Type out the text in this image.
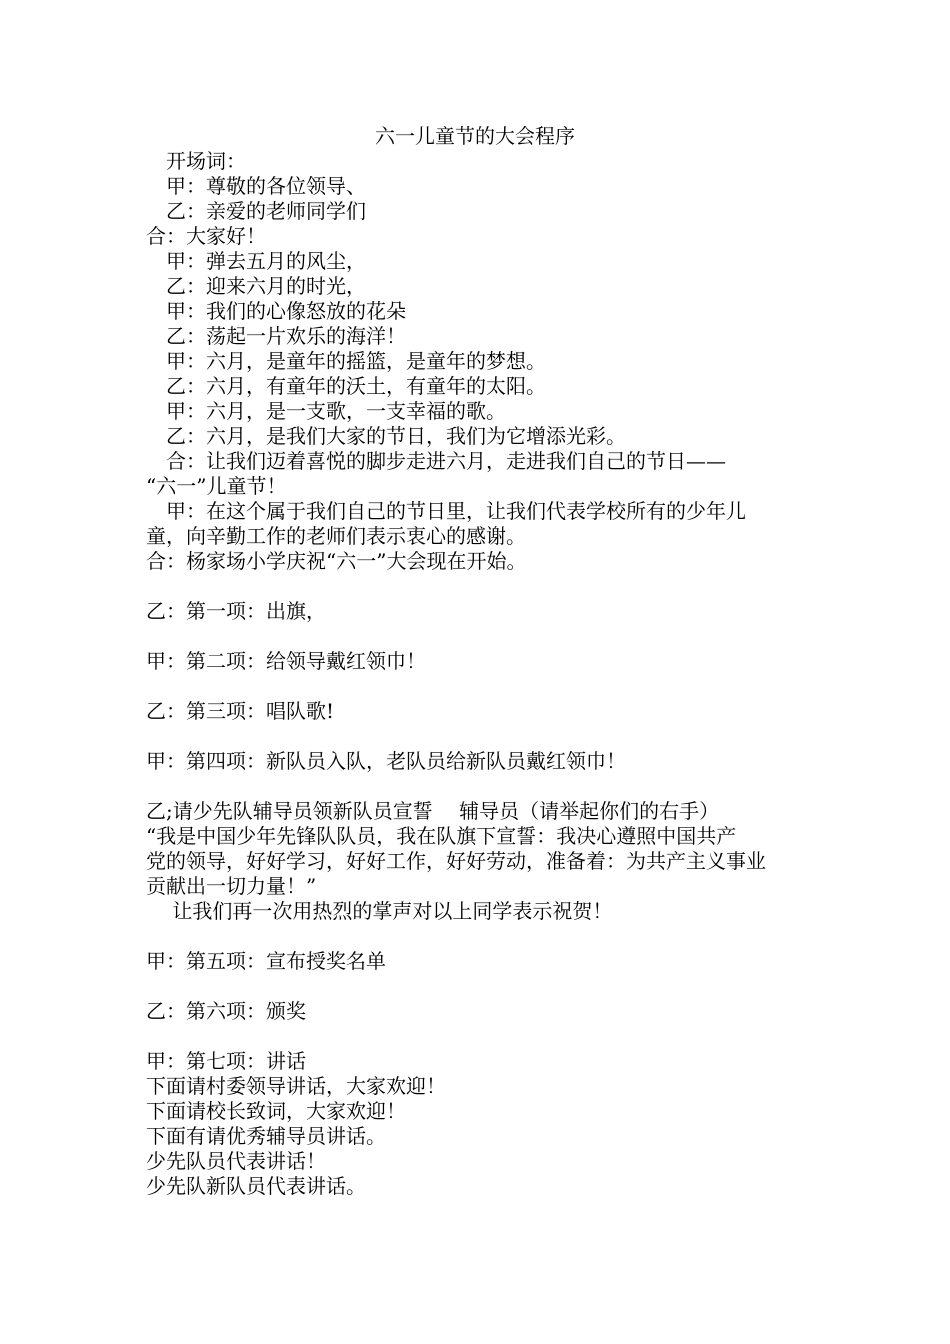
六一儿童节的大会程序
　开场词：
　甲：尊敬的各位领导、
　乙：亲爱的老师同学们
合：大家好！
　甲：弹去五月的风尘，
　乙：迎来六月的时光，
　甲：我们的心像怒放的花朵
　乙：荡起一片欢乐的海洋！
　甲：六月，是童年的摇篮，是童年的梦想。
　乙：六月，有童年的沃土，有童年的太阳。
　甲：六月，是一支歌，一支幸福的歌。
　乙：六月，是我们大家的节日，我们为它增添光彩。
　合：让我们迈着喜悦的脚步走进六月，走进我们自己的节日——
“六一”儿童节！
　甲：在这个属于我们自己的节日里，让我们代表学校所有的少年儿
童，向辛勤工作的老师们表示衷心的感谢。
合：杨家场小学庆祝“六一”大会现在开始。
乙：第一项：出旗，
甲：第二项：给领导戴红领巾！
乙：第三项：唱队歌!
甲：第四项：新队员入队，老队员给新队员戴红领巾！
乙;请少先队辅导员领新队员宣誓　 辅导员（请举起你们的右手）
“我是中国少年先锋队队员，我在队旗下宣誓：我决心遵照中国共产
党的领导，好好学习，好好工作，好好劳动，准备着：为共产主义事业
贡献出一切力量！”
　 让我们再一次用热烈的掌声对以上同学表示祝贺！
甲：第五项：宣布授奖名单
乙：第六项：颁奖
甲：第七项：讲话
下面请村委领导讲话，大家欢迎！
下面请校长致词，大家欢迎！
下面有请优秀辅导员讲话。
少先队员代表讲话！
少先队新队员代表讲话。
